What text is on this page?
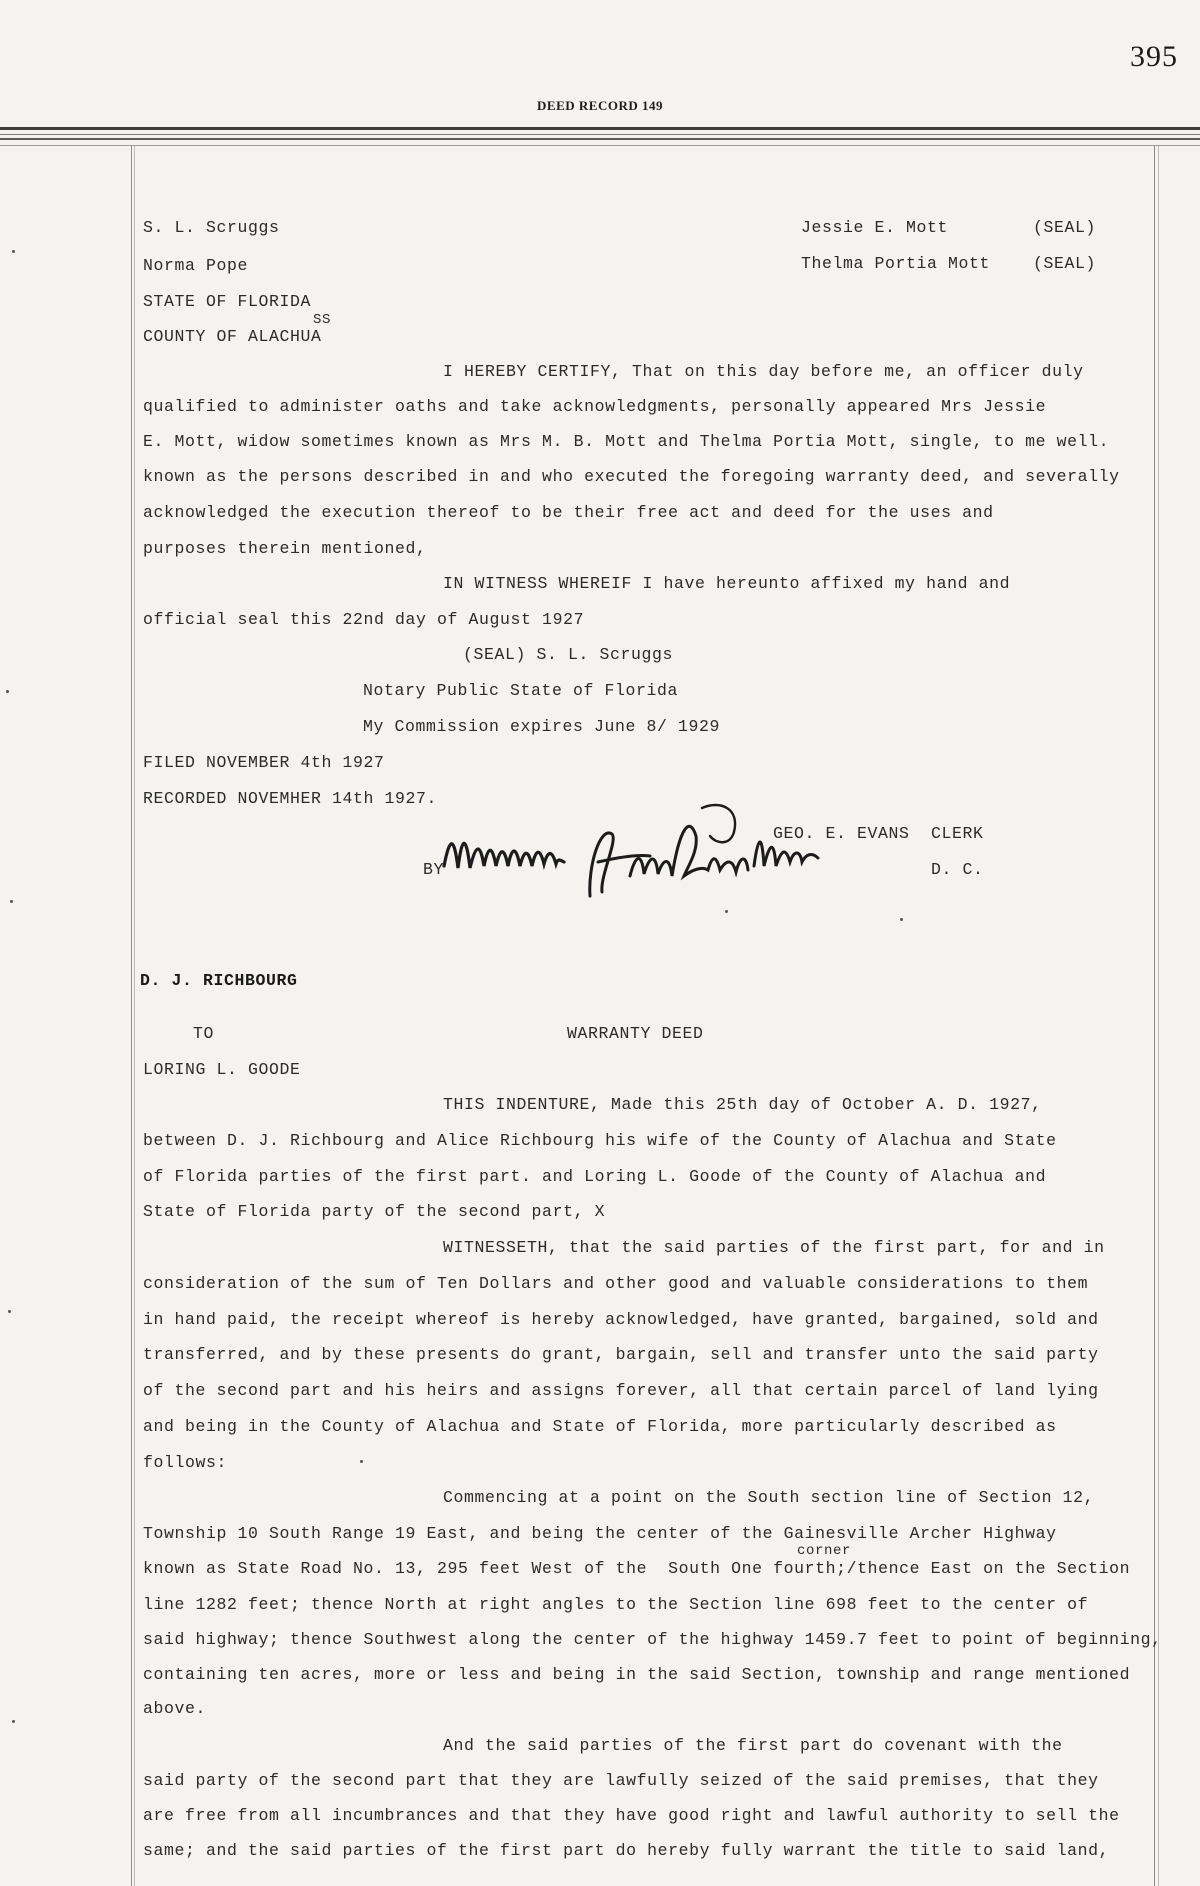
395
DEED RECORD 149
S. L. Scruggs	Jessie E. Mott	(SEAL)
Norma Pope	Thelma Portia Mott	(SEAL)
STATE OF FLORIDA
SS
COUNTY OF ALACHUA
I HEREBY CERTIFY, That on this day before me, an officer duly
qualified to administer oaths and take acknowledgments, personally appeared Mrs Jessie
E. Mott, widow sometimes known as Mrs M. B. Mott and Thelma Portia Mott, single, to me well.
known as the persons described in and who executed the foregoing warranty deed, and severally
acknowledged the execution thereof to be their free act and deed for the uses and
purposes therein mentioned,
IN WITNESS WHEREIF I have hereunto affixed my hand and
official seal this 22nd day of August 1927
(SEAL) S. L. Scruggs
Notary Public State of Florida
My Commission expires June 8/ 1929
FILED NOVEMBER 4th 1927
RECORDED NOVEMHER 14th 1927.
GEO. E. EVANS CLERK
BY	D. C.
D. J. RICHBOURG
TO	WARRANTY DEED
LORING L. GOODE
THIS INDENTURE, Made this 25th day of October A. D. 1927,
between D. J. Richbourg and Alice Richbourg his wife of the County of Alachua and State
of Florida parties of the first part. and Loring L. Goode of the County of Alachua and
State of Florida party of the second part, X
WITNESSETH, that the said parties of the first part, for and in
consideration of the sum of Ten Dollars and other good and valuable considerations to them
in hand paid, the receipt whereof is hereby acknowledged, have granted, bargained, sold and
transferred, and by these presents do grant, bargain, sell and transfer unto the said party
of the second part and his heirs and assigns forever, all that certain parcel of land lying
and being in the County of Alachua and State of Florida, more particularly described as
follows:
Commencing at a point on the South section line of Section 12,
Township 10 South Range 19 East, and being the center of the Gainesville Archer Highway
corner
known as State Road No. 13, 295 feet West of the  South One fourth;/thence East on the Section
line 1282 feet; thence North at right angles to the Section line 698 feet to the center of
said highway; thence Southwest along the center of the highway 1459.7 feet to point of beginning,
containing ten acres, more or less and being in the said Section, township and range mentioned
above.
And the said parties of the first part do covenant with the
said party of the second part that they are lawfully seized of the said premises, that they
are free from all incumbrances and that they have good right and lawful authority to sell the
same; and the said parties of the first part do hereby fully warrant the title to said land,
